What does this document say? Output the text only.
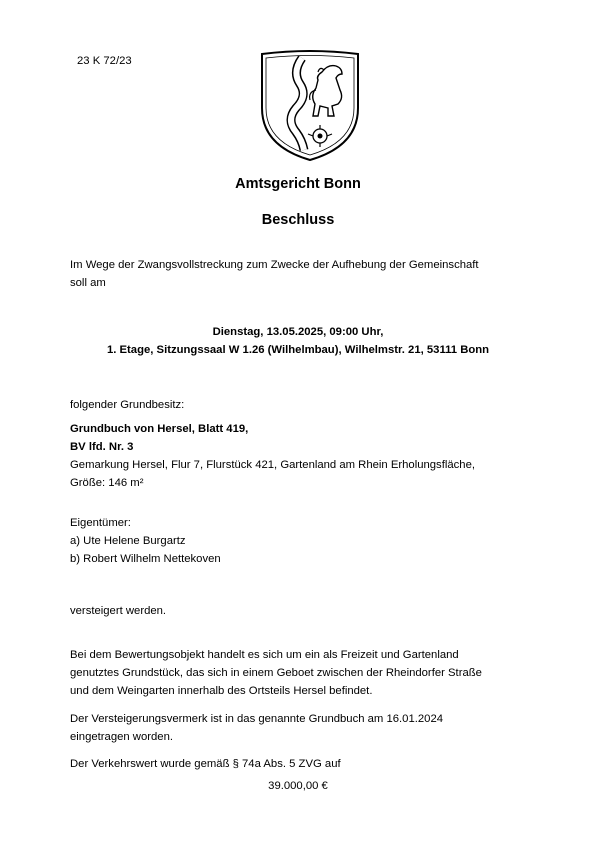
23 K 72/23
Amtsgericht Bonn
Beschluss
Im Wege der Zwangsvollstreckung zum Zwecke der Aufhebung der Gemeinschaft
soll am
Dienstag, 13.05.2025, 09:00 Uhr,
1. Etage, Sitzungssaal W 1.26 (Wilhelmbau), Wilhelmstr. 21, 53111 Bonn
folgender Grundbesitz:
Grundbuch von Hersel, Blatt 419,
BV lfd. Nr. 3
Gemarkung Hersel, Flur 7, Flurstück 421, Gartenland am Rhein Erholungsfläche,
Größe: 146 m²
Eigentümer:
a) Ute Helene Burgartz
b) Robert Wilhelm Nettekoven
versteigert werden.
Bei dem Bewertungsobjekt handelt es sich um ein als Freizeit und Gartenland
genutztes Grundstück, das sich in einem Geboet zwischen der Rheindorfer Straße
und dem Weingarten innerhalb des Ortsteils Hersel befindet.
Der Versteigerungsvermerk ist in das genannte Grundbuch am 16.01.2024
eingetragen worden.
Der Verkehrswert wurde gemäß § 74a Abs. 5 ZVG auf
39.000,00 €
